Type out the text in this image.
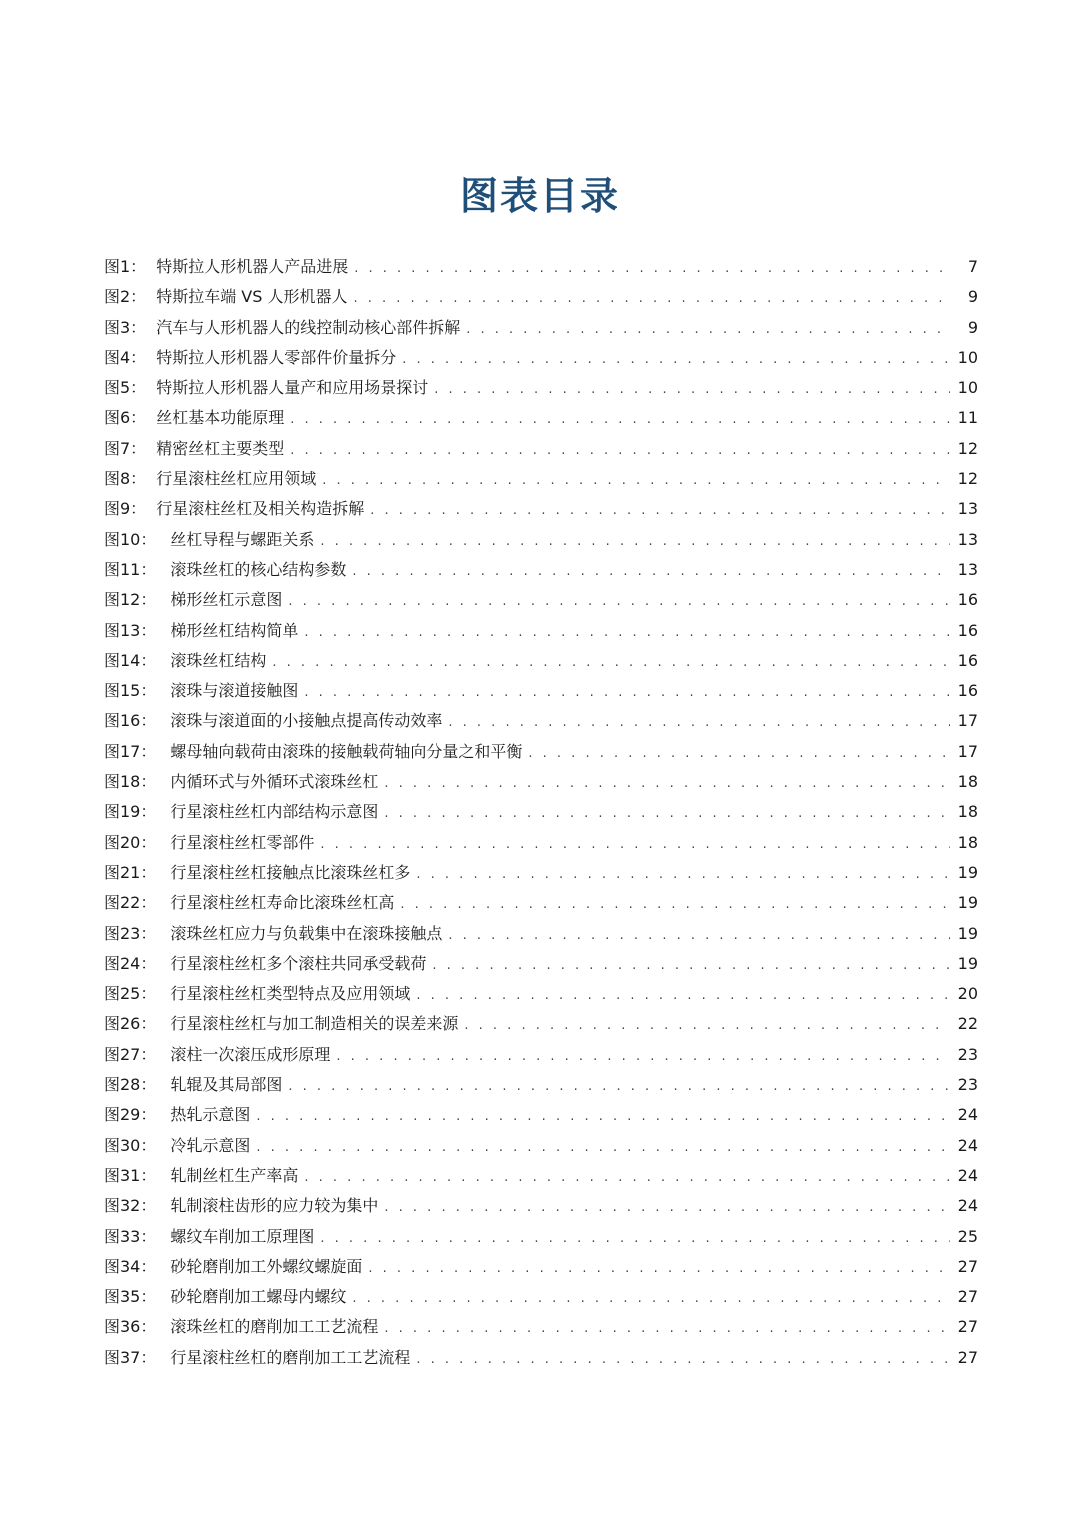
图表目录
图1： 特斯拉人形机器人产品进展 . . .	7
图2： 特斯拉车端 VS 人形机器人 . . .	9
图3： 汽车与人形机器人的线控制动核心部件拆解 . . .	9
图4： 特斯拉人形机器人零部件价量拆分 . . .	10
图5： 特斯拉人形机器人量产和应用场景探讨 . . .	10
图6： 丝杠基本功能原理 . . .	11
图7： 精密丝杠主要类型 . . .	12
图8： 行星滚柱丝杠应用领域 . . .	12
图9： 行星滚柱丝杠及相关构造拆解 . . .	13
图10： 丝杠导程与螺距关系 . . .	13
图11： 滚珠丝杠的核心结构参数 . . .	13
图12： 梯形丝杠示意图 . . .	16
图13： 梯形丝杠结构简单 . . .	16
图14： 滚珠丝杠结构 . . .	16
图15： 滚珠与滚道接触图 . . .	16
图16： 滚珠与滚道面的小接触点提高传动效率 . . .	17
图17： 螺母轴向载荷由滚珠的接触载荷轴向分量之和平衡 . . .	17
图18： 内循环式与外循环式滚珠丝杠 . . .	18
图19： 行星滚柱丝杠内部结构示意图 . . .	18
图20： 行星滚柱丝杠零部件 . . .	18
图21： 行星滚柱丝杠接触点比滚珠丝杠多 . . .	19
图22： 行星滚柱丝杠寿命比滚珠丝杠高 . . .	19
图23： 滚珠丝杠应力与负载集中在滚珠接触点 . . .	19
图24： 行星滚柱丝杠多个滚柱共同承受载荷 . . .	19
图25： 行星滚柱丝杠类型特点及应用领域 . . .	20
图26： 行星滚柱丝杠与加工制造相关的误差来源 . . .	22
图27： 滚柱一次滚压成形原理 . . .	23
图28： 轧辊及其局部图 . . .	23
图29： 热轧示意图 . . .	24
图30： 冷轧示意图 . . .	24
图31： 轧制丝杠生产率高 . . .	24
图32： 轧制滚柱齿形的应力较为集中 . . .	24
图33： 螺纹车削加工原理图 . . .	25
图34： 砂轮磨削加工外螺纹螺旋面 . . .	27
图35： 砂轮磨削加工螺母内螺纹 . . .	27
图36： 滚珠丝杠的磨削加工工艺流程 . . .	27
图37： 行星滚柱丝杠的磨削加工工艺流程 . . .	27
